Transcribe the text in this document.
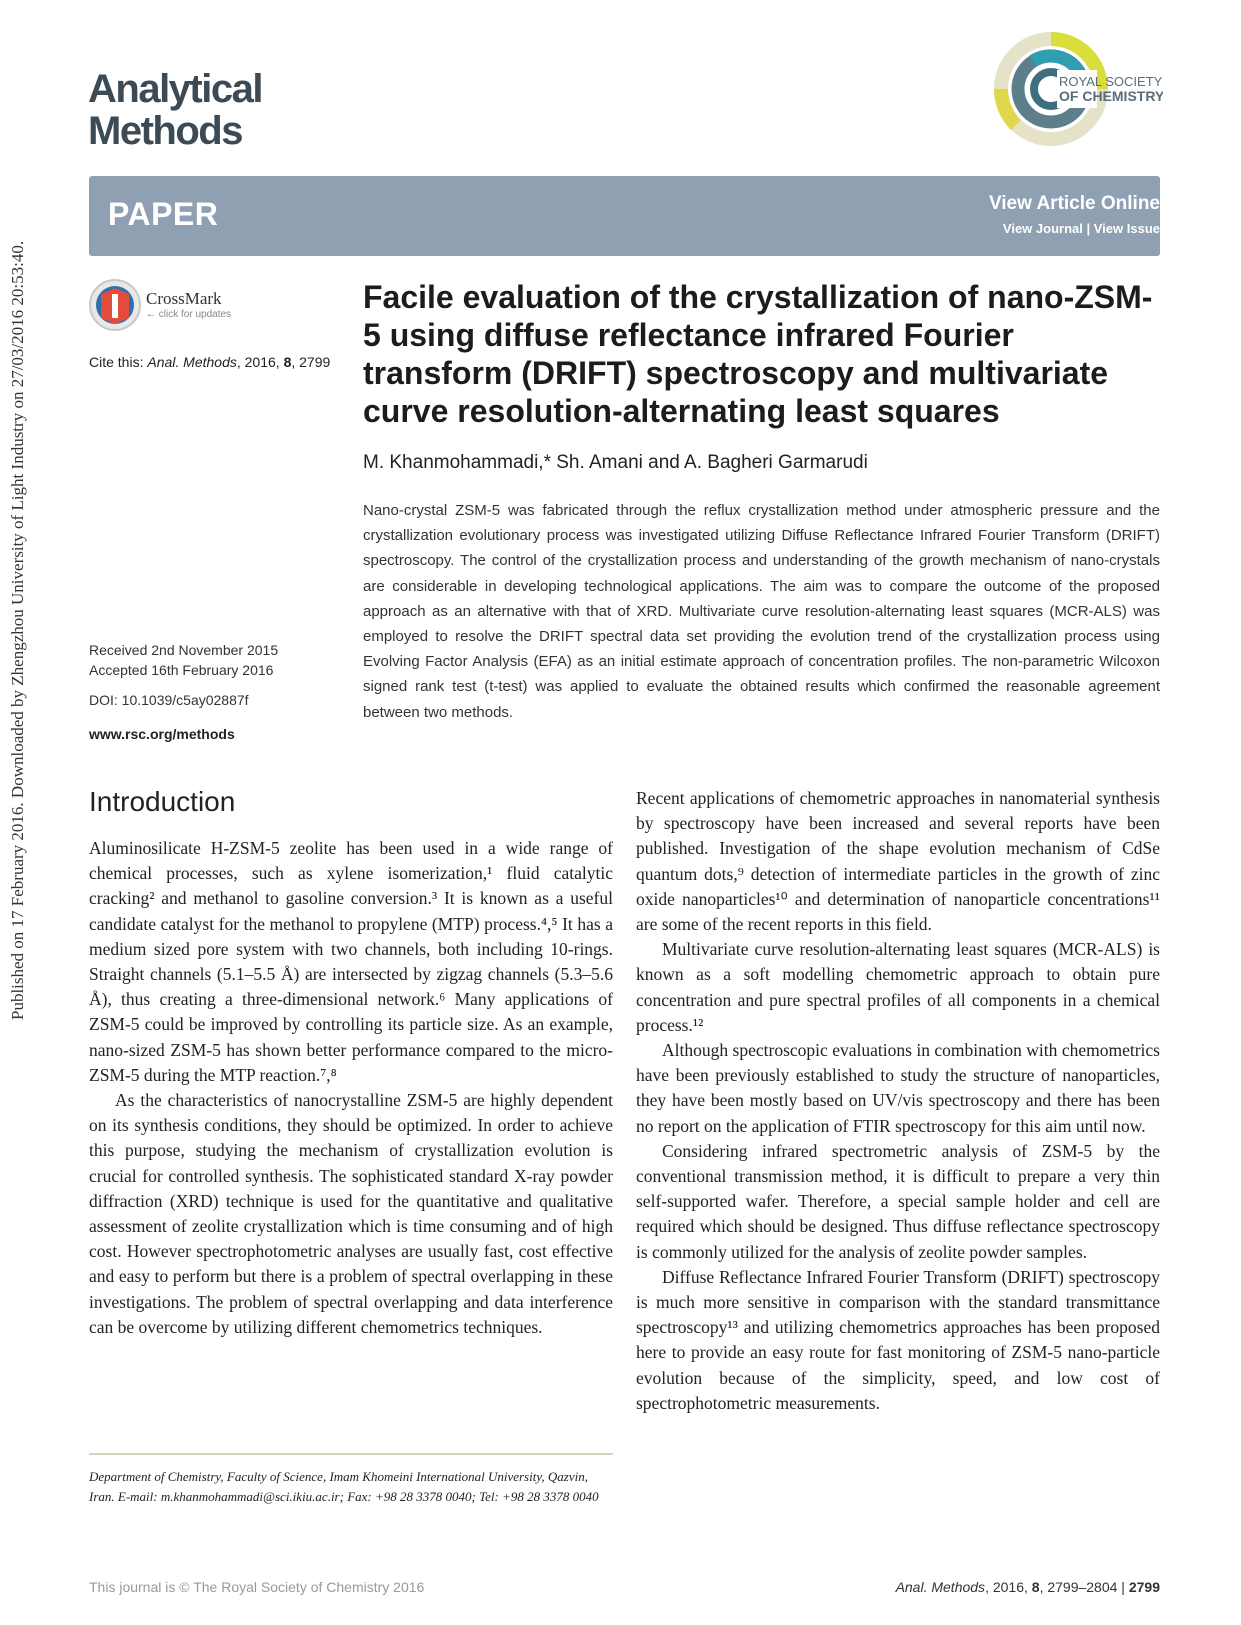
Published on 17 February 2016. Downloaded by Zhengzhou University of Light Industry on 27/03/2016 20:53:40.
Analytical
Methods
ROYAL SOCIETY
OF CHEMISTRY
PAPER	View Article Online
View Journal | View Issue
CrossMark
← click for updates
Cite this: Anal. Methods, 2016, 8, 2799
Facile evaluation of the crystallization of nano-ZSM-5 using diffuse reflectance infrared Fourier transform (DRIFT) spectroscopy and multivariate curve resolution-alternating least squares
M. Khanmohammadi,* Sh. Amani and A. Bagheri Garmarudi
Nano-crystal ZSM-5 was fabricated through the reflux crystallization method under atmospheric pressure and the crystallization evolutionary process was investigated utilizing Diffuse Reflectance Infrared Fourier Transform (DRIFT) spectroscopy. The control of the crystallization process and understanding of the growth mechanism of nano-crystals are considerable in developing technological applications. The aim was to compare the outcome of the proposed approach as an alternative with that of XRD. Multivariate curve resolution-alternating least squares (MCR-ALS) was employed to resolve the DRIFT spectral data set providing the evolution trend of the crystallization process using Evolving Factor Analysis (EFA) as an initial estimate approach of concentration profiles. The non-parametric Wilcoxon signed rank test (t-test) was applied to evaluate the obtained results which confirmed the reasonable agreement between two methods.
Received 2nd November 2015
Accepted 16th February 2016
DOI: 10.1039/c5ay02887f
www.rsc.org/methods
Introduction

Aluminosilicate H-ZSM-5 zeolite has been used in a wide range of chemical processes, such as xylene isomerization,¹ fluid catalytic cracking² and methanol to gasoline conversion.³ It is known as a useful candidate catalyst for the methanol to propylene (MTP) process.⁴,⁵ It has a medium sized pore system with two channels, both including 10-rings. Straight channels (5.1–5.5 Å) are intersected by zigzag channels (5.3–5.6 Å), thus creating a three-dimensional network.⁶ Many applications of ZSM-5 could be improved by controlling its particle size. As an example, nano-sized ZSM-5 has shown better performance compared to the micro-ZSM-5 during the MTP reaction.⁷,⁸

As the characteristics of nanocrystalline ZSM-5 are highly dependent on its synthesis conditions, they should be optimized. In order to achieve this purpose, studying the mechanism of crystallization evolution is crucial for controlled synthesis. The sophisticated standard X-ray powder diffraction (XRD) technique is used for the quantitative and qualitative assessment of zeolite crystallization which is time consuming and of high cost. However spectrophotometric analyses are usually fast, cost effective and easy to perform but there is a problem of spectral overlapping in these investigations. The problem of spectral overlapping and data interference can be overcome by utilizing different chemometrics techniques.

Recent applications of chemometric approaches in nanomaterial synthesis by spectroscopy have been increased and several reports have been published. Investigation of the shape evolution mechanism of CdSe quantum dots,⁹ detection of intermediate particles in the growth of zinc oxide nanoparticles¹⁰ and determination of nanoparticle concentrations¹¹ are some of the recent reports in this field.

Multivariate curve resolution-alternating least squares (MCR-ALS) is known as a soft modelling chemometric approach to obtain pure concentration and pure spectral profiles of all components in a chemical process.¹²

Although spectroscopic evaluations in combination with chemometrics have been previously established to study the structure of nanoparticles, they have been mostly based on UV/vis spectroscopy and there has been no report on the application of FTIR spectroscopy for this aim until now.

Considering infrared spectrometric analysis of ZSM-5 by the conventional transmission method, it is difficult to prepare a very thin self-supported wafer. Therefore, a special sample holder and cell are required which should be designed. Thus diffuse reflectance spectroscopy is commonly utilized for the analysis of zeolite powder samples.

Diffuse Reflectance Infrared Fourier Transform (DRIFT) spectroscopy is much more sensitive in comparison with the standard transmittance spectroscopy¹³ and utilizing chemometrics approaches has been proposed here to provide an easy route for fast monitoring of ZSM-5 nano-particle evolution because of the simplicity, speed, and low cost of spectrophotometric measurements.

Department of Chemistry, Faculty of Science, Imam Khomeini International University, Qazvin, Iran. E-mail: m.khanmohammadi@sci.ikiu.ac.ir; Fax: +98 28 3378 0040; Tel: +98 28 3378 0040
This journal is © The Royal Society of Chemistry 2016	Anal. Methods, 2016, 8, 2799–2804 | 2799
